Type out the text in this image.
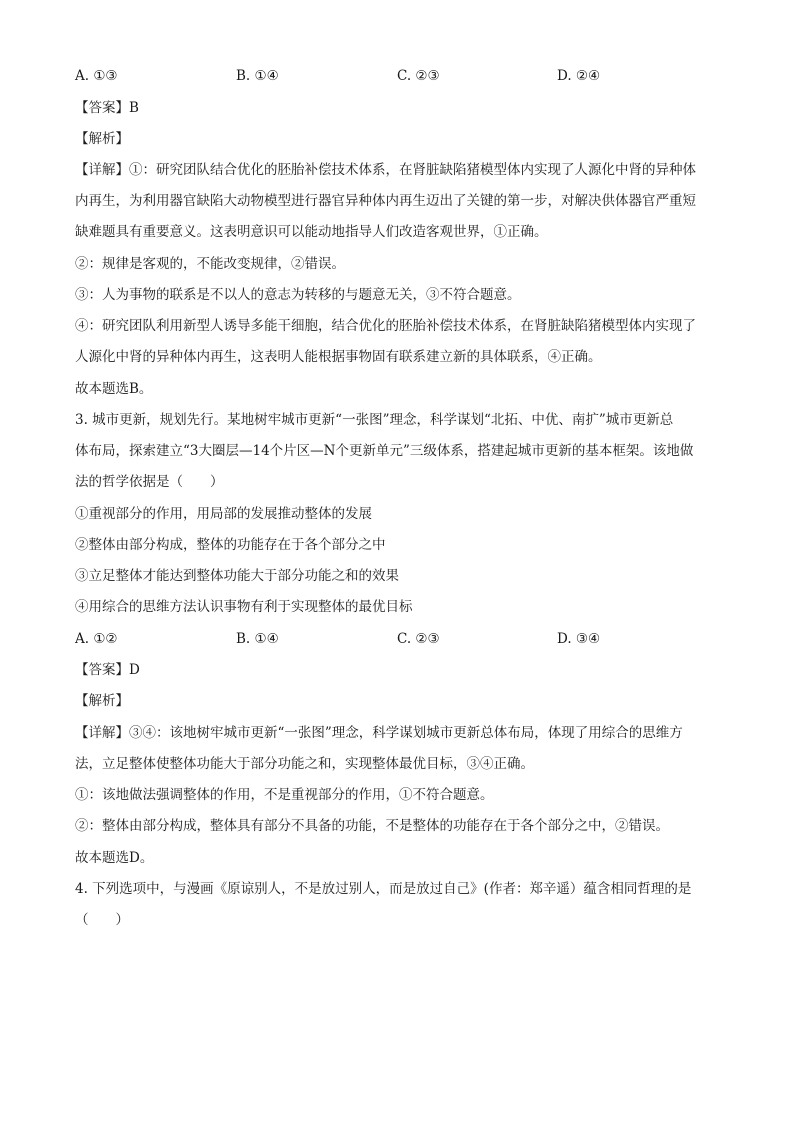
A. ①③	B. ①④	C. ②③	D. ②④
【答案】B
【解析】
【详解】①：研究团队结合优化的胚胎补偿技术体系，在肾脏缺陷猪模型体内实现了人源化中肾的异种体
内再生，为利用器官缺陷大动物模型进行器官异种体内再生迈出了关键的第一步，对解决供体器官严重短
缺难题具有重要意义。这表明意识可以能动地指导人们改造客观世界，①正确。
②：规律是客观的，不能改变规律，②错误。
③：人为事物的联系是不以人的意志为转移的与题意无关，③不符合题意。
④：研究团队利用新型人诱导多能干细胞，结合优化的胚胎补偿技术体系，在肾脏缺陷猪模型体内实现了
人源化中肾的异种体内再生，这表明人能根据事物固有联系建立新的具体联系，④正确。
故本题选B。
3. 城市更新，规划先行。某地树牢城市更新“一张图”理念，科学谋划“北拓、中优、南扩”城市更新总
体布局，探索建立“3大圈层—14个片区—N个更新单元”三级体系，搭建起城市更新的基本框架。该地做
法的哲学依据是（　　）
①重视部分的作用，用局部的发展推动整体的发展
②整体由部分构成，整体的功能存在于各个部分之中
③立足整体才能达到整体功能大于部分功能之和的效果
④用综合的思维方法认识事物有利于实现整体的最优目标
A. ①②	B. ①④	C. ②③	D. ③④
【答案】D
【解析】
【详解】③④：该地树牢城市更新“一张图”理念，科学谋划城市更新总体布局，体现了用综合的思维方
法，立足整体使整体功能大于部分功能之和，实现整体最优目标，③④正确。
①：该地做法强调整体的作用，不是重视部分的作用，①不符合题意。
②：整体由部分构成，整体具有部分不具备的功能，不是整体的功能存在于各个部分之中，②错误。
故本题选D。
4. 下列选项中，与漫画《原谅别人，不是放过别人，而是放过自己》(作者：郑辛遥）蕴含相同哲理的是
（　　）
